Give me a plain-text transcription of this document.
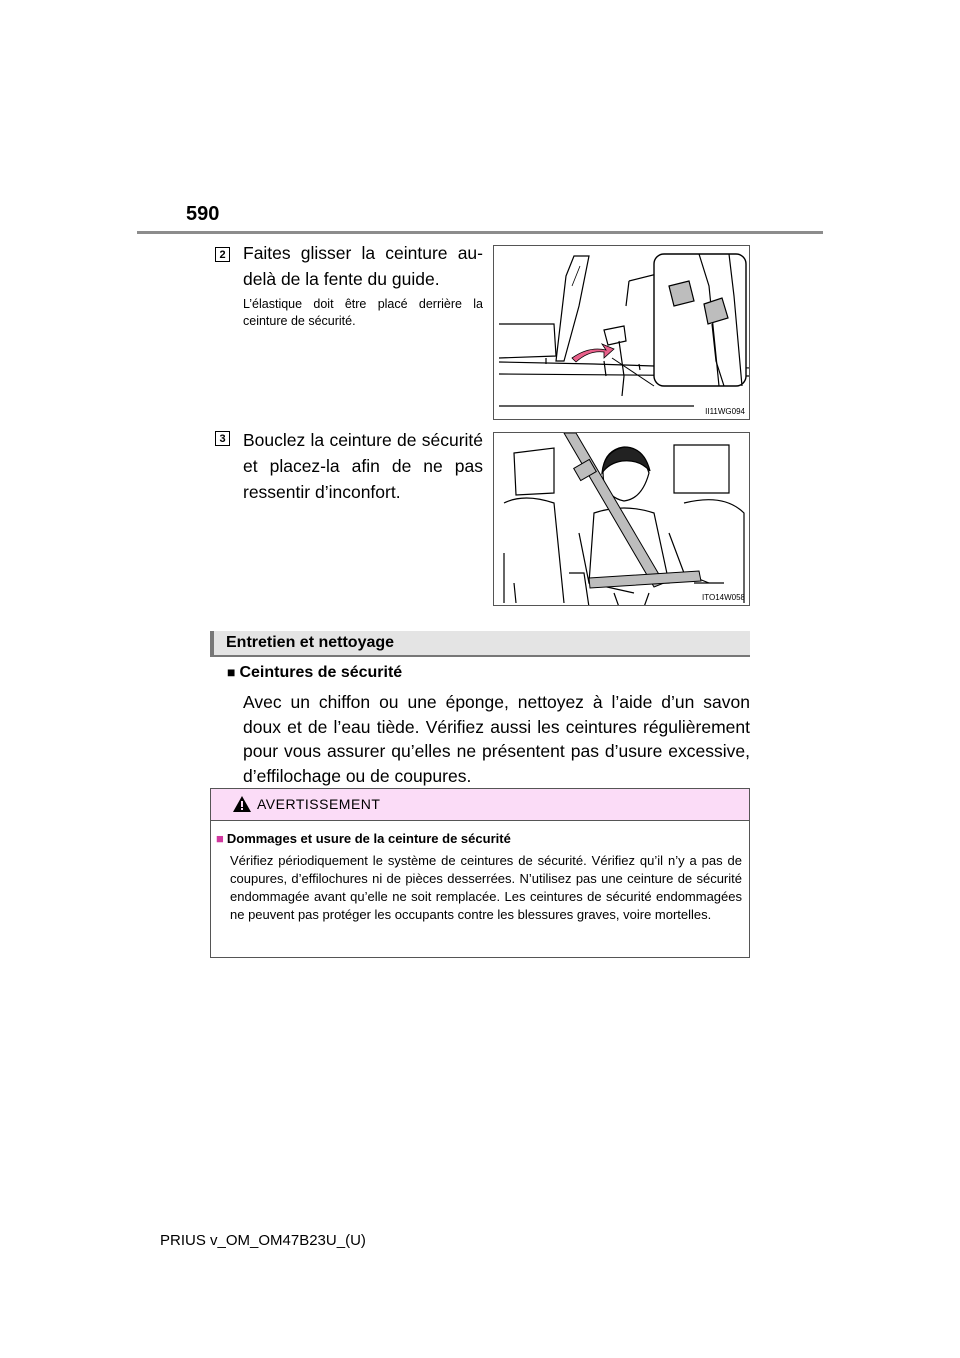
590
2 Faites glisser la ceinture au-delà de la fente du guide.
L’élastique doit être placé derrière la ceinture de sécurité.
II11WG094
3 Bouclez la ceinture de sécurité et placez-la afin de ne pas ressentir d’inconfort.
ITO14W058
Entretien et nettoyage
■ Ceintures de sécurité
Avec un chiffon ou une éponge, nettoyez à l’aide d’un savon doux et de l’eau tiède. Vérifiez aussi les ceintures régulièrement pour vous assurer qu’elles ne présentent pas d’usure excessive, d’effilochage ou de coupures.
AVERTISSEMENT
■ Dommages et usure de la ceinture de sécurité
Vérifiez périodiquement le système de ceintures de sécurité. Vérifiez qu’il n’y a pas de coupures, d’effilochures ni de pièces desserrées. N’utilisez pas une ceinture de sécurité endommagée avant qu’elle ne soit remplacée. Les ceintures de sécurité endommagées ne peuvent pas protéger les occupants contre les blessures graves, voire mortelles.
PRIUS v_OM_OM47B23U_(U)
